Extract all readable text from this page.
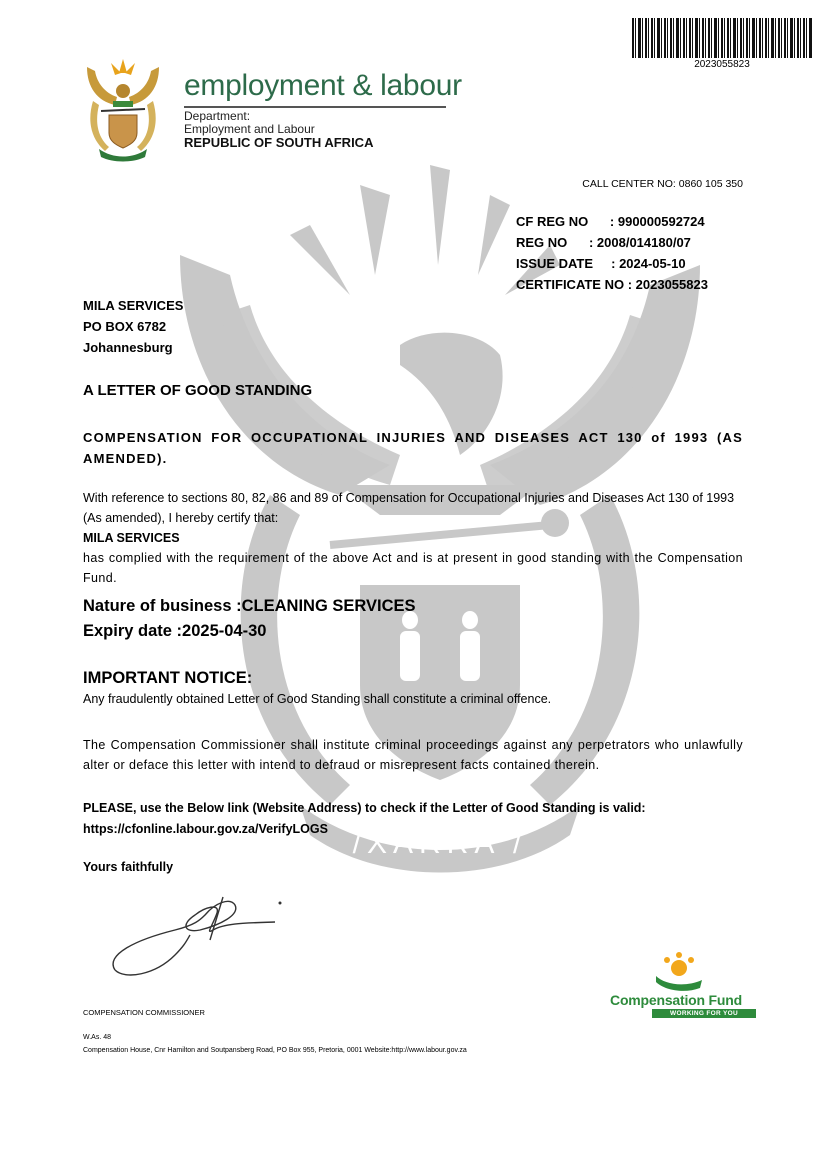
/XARRA /
2023055823
employment & labour
Department:
Employment and Labour
REPUBLIC OF SOUTH AFRICA
CALL CENTER NO: 0860 105 350
CF REG NO      : 990000592724
REG NO      : 2008/014180/07
ISSUE DATE     : 2024-05-10
CERTIFICATE NO : 2023055823
MILA SERVICES
PO BOX 6782
Johannesburg
A LETTER OF GOOD STANDING
COMPENSATION FOR OCCUPATIONAL INJURIES AND DISEASES ACT 130 of 1993 (AS AMENDED).
With reference to sections 80, 82, 86 and 89 of Compensation for Occupational Injuries and Diseases Act 130 of 1993 (As amended), I hereby certify that:
MILA SERVICES
has complied with the requirement of the above Act and is at present in good standing with the Compensation Fund.
Nature of business :CLEANING SERVICES
Expiry date :2025-04-30
IMPORTANT NOTICE:
Any fraudulently obtained Letter of Good Standing shall constitute a criminal offence.
The Compensation Commissioner shall institute criminal proceedings against any perpetrators who unlawfully alter or deface this letter with intend to defraud or misrepresent facts contained therein.
PLEASE, use the Below link (Website Address) to check if the Letter of Good Standing is valid:
https://cfonline.labour.gov.za/VerifyLOGS
Yours faithfully
COMPENSATION COMMISSIONER
W.As. 48
Compensation House, Cnr Hamilton and Soutpansberg Road, PO Box 955, Pretoria, 0001 Website:http://www.labour.gov.za
Compensation Fund
WORKING FOR YOU
